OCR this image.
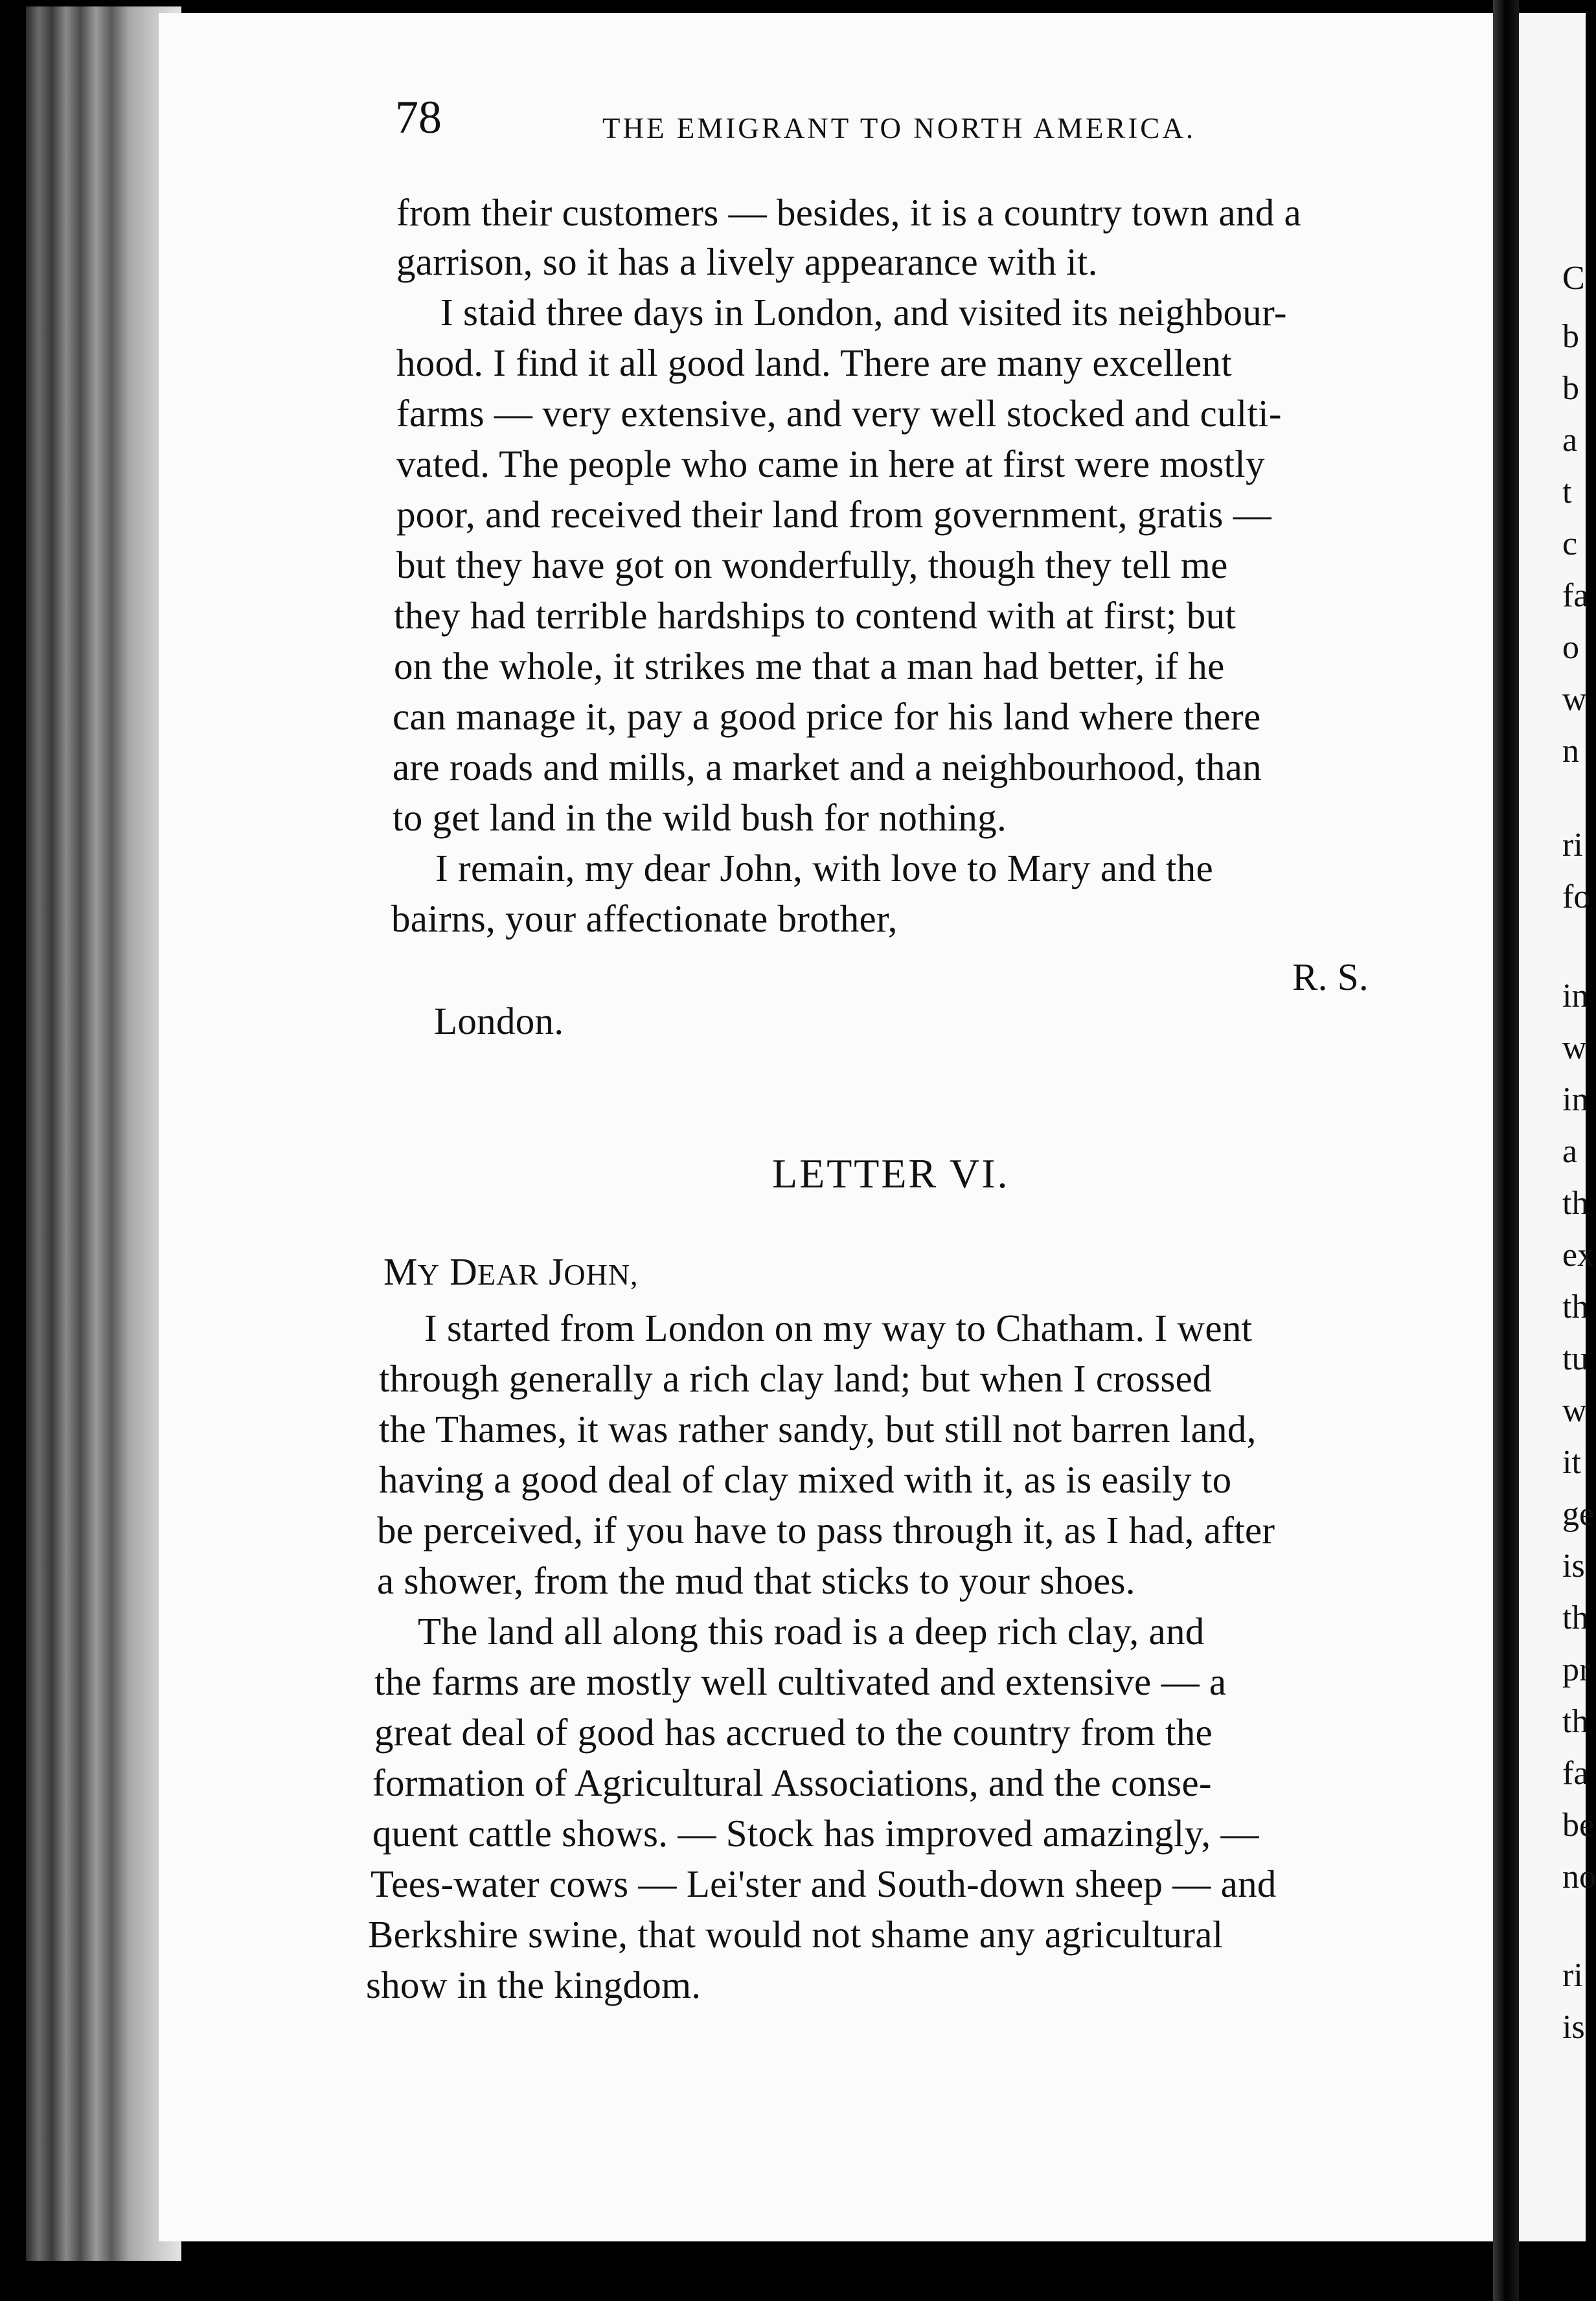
78	THE EMIGRANT TO NORTH AMERICA.
from their customers — besides, it is a country town and a
garrison, so it has a lively appearance with it.
I staid three days in London, and visited its neighbour-
hood. I find it all good land. There are many excellent
farms — very extensive, and very well stocked and culti-
vated. The people who came in here at first were mostly
poor, and received their land from government, gratis —
but they have got on wonderfully, though they tell me
they had terrible hardships to contend with at first; but
on the whole, it strikes me that a man had better, if he
can manage it, pay a good price for his land where there
are roads and mills, a market and a neighbourhood, than
to get land in the wild bush for nothing.
I remain, my dear John, with love to Mary and the
bairns, your affectionate brother,
R. S.
London.
LETTER VI.
MY DEAR JOHN,
I started from London on my way to Chatham. I went
through generally a rich clay land; but when I crossed
the Thames, it was rather sandy, but still not barren land,
having a good deal of clay mixed with it, as is easily to
be perceived, if you have to pass through it, as I had, after
a shower, from the mud that sticks to your shoes.
The land all along this road is a deep rich clay, and
the farms are mostly well cultivated and extensive — a
great deal of good has accrued to the country from the
formation of Agricultural Associations, and the conse-
quent cattle shows. — Stock has improved amazingly, —
Tees-water cows — Lei'ster and South-down sheep — and
Berkshire swine, that would not shame any agricultural
show in the kingdom.
C
b
b
a
t
c
fa
o
w
n
ri
fo
in
w
in
a
th
ex
th
tu
w
it
ge
is
th
pr
th
fa
be
no
ri
is
